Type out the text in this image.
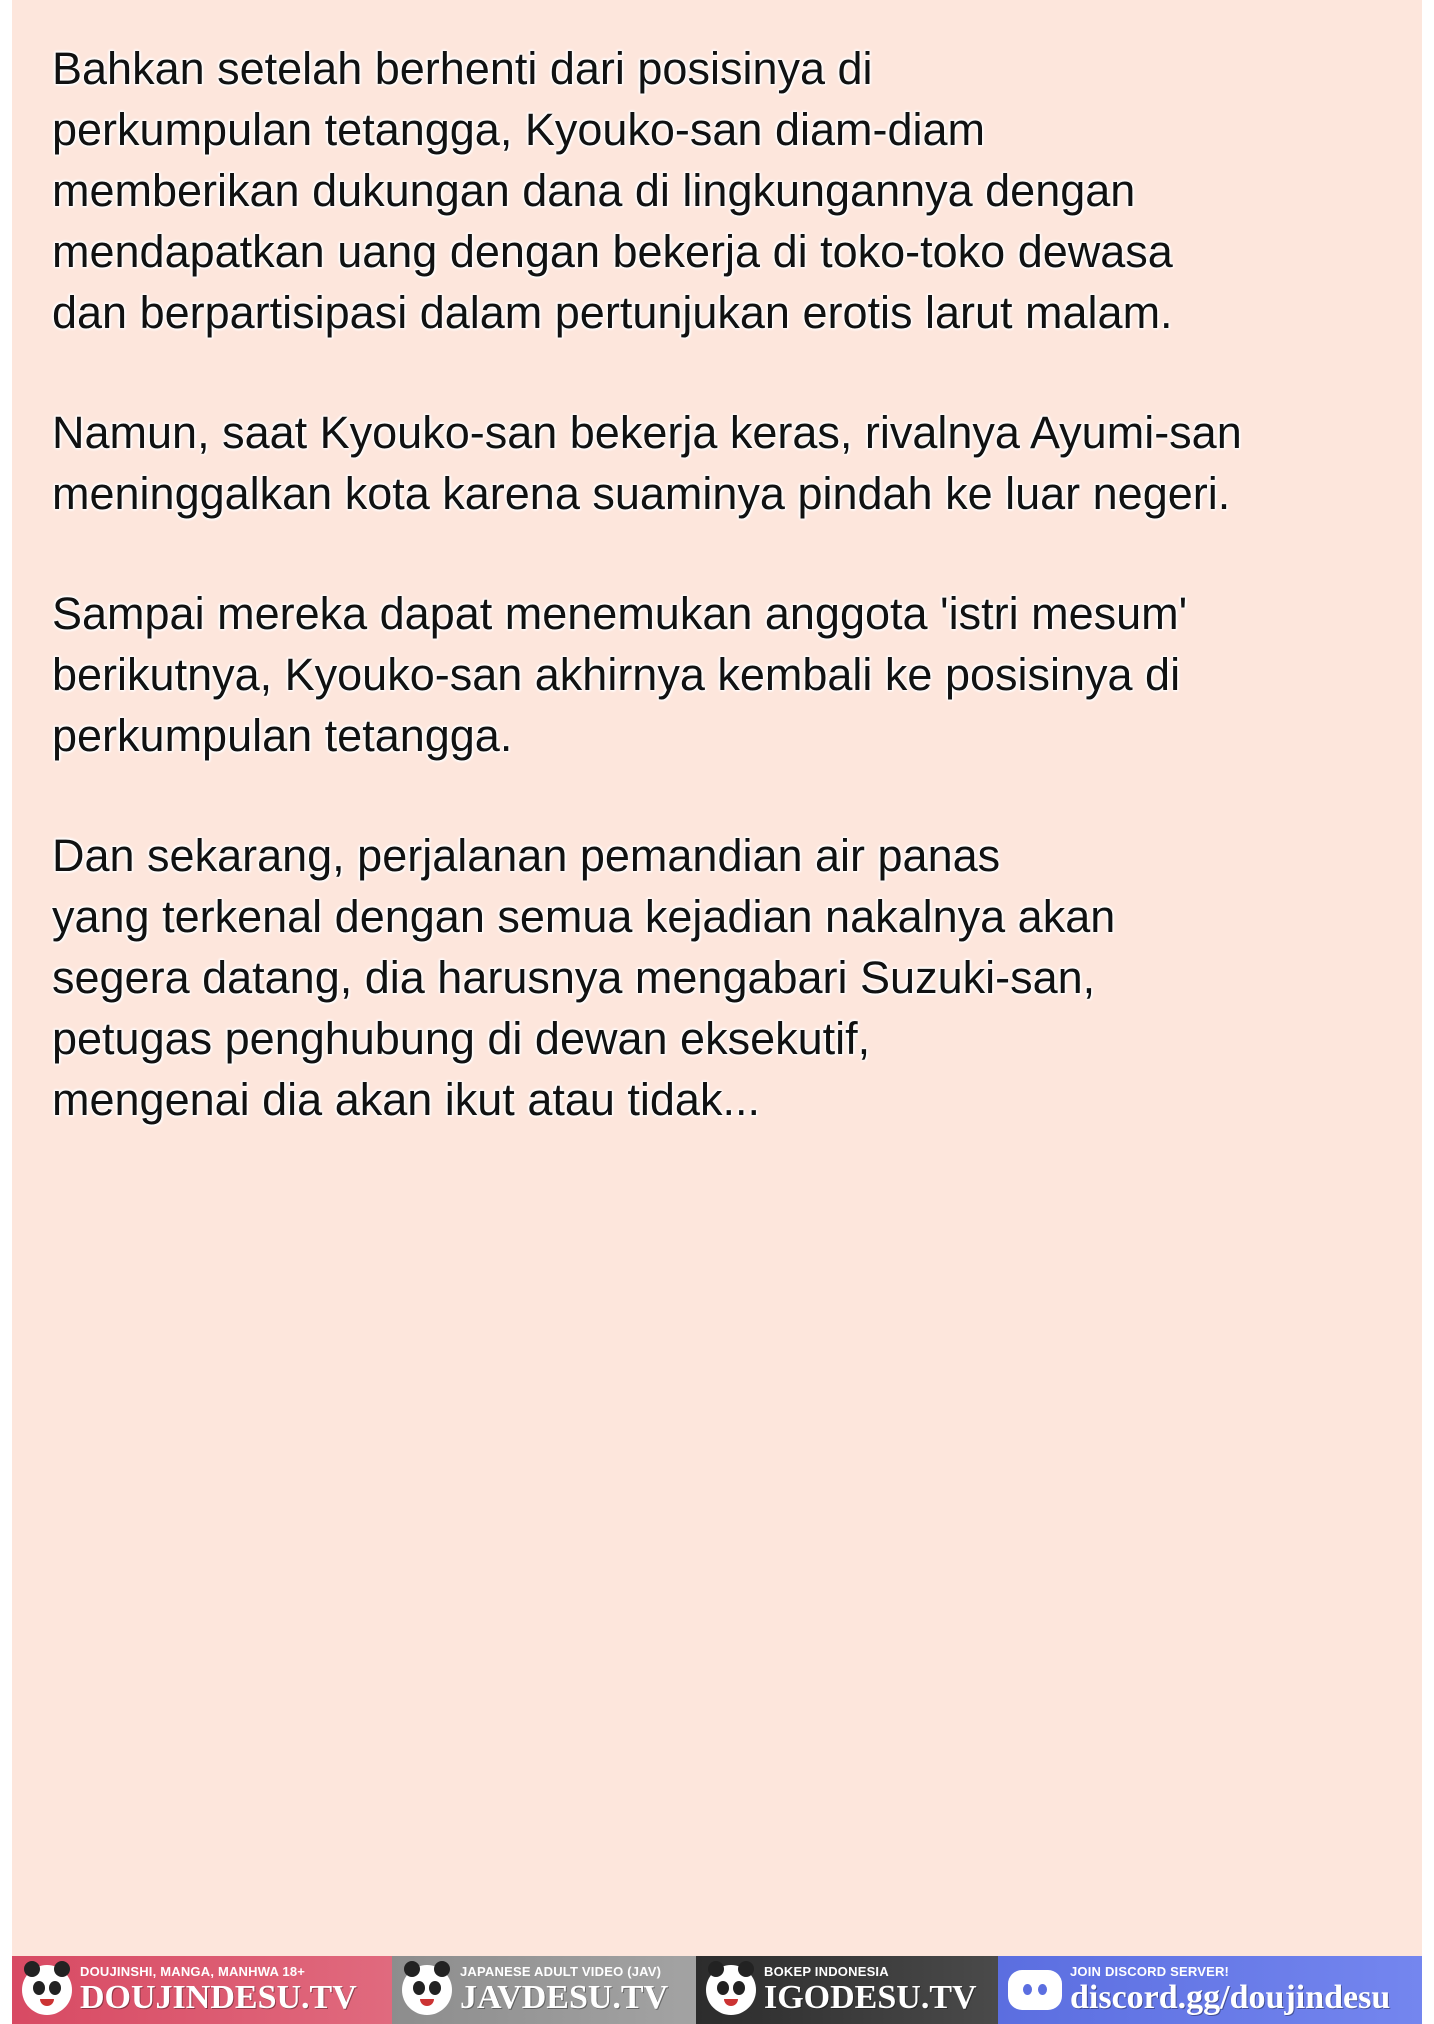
Bahkan setelah berhenti dari posisinya di
perkumpulan tetangga, Kyouko-san diam-diam
memberikan dukungan dana di lingkungannya dengan
mendapatkan uang dengan bekerja di toko-toko dewasa
dan berpartisipasi dalam pertunjukan erotis larut malam.

Namun, saat Kyouko-san bekerja keras, rivalnya Ayumi-san
meninggalkan kota karena suaminya pindah ke luar negeri.

Sampai mereka dapat menemukan anggota 'istri mesum'
berikutnya, Kyouko-san akhirnya kembali ke posisinya di
perkumpulan tetangga.

Dan sekarang, perjalanan pemandian air panas
yang terkenal dengan semua kejadian nakalnya akan
segera datang, dia harusnya mengabari Suzuki-san,
petugas penghubung di dewan eksekutif,
mengenai dia akan ikut atau tidak...

DOUJINSHI, MANGA, MANHWA 18+
DOUJINDESU.TV
JAPANESE ADULT VIDEO (JAV)
JAVDESU.TV
BOKEP INDONESIA
IGODESU.TV
JOIN DISCORD SERVER!
discord.gg/doujindesu
